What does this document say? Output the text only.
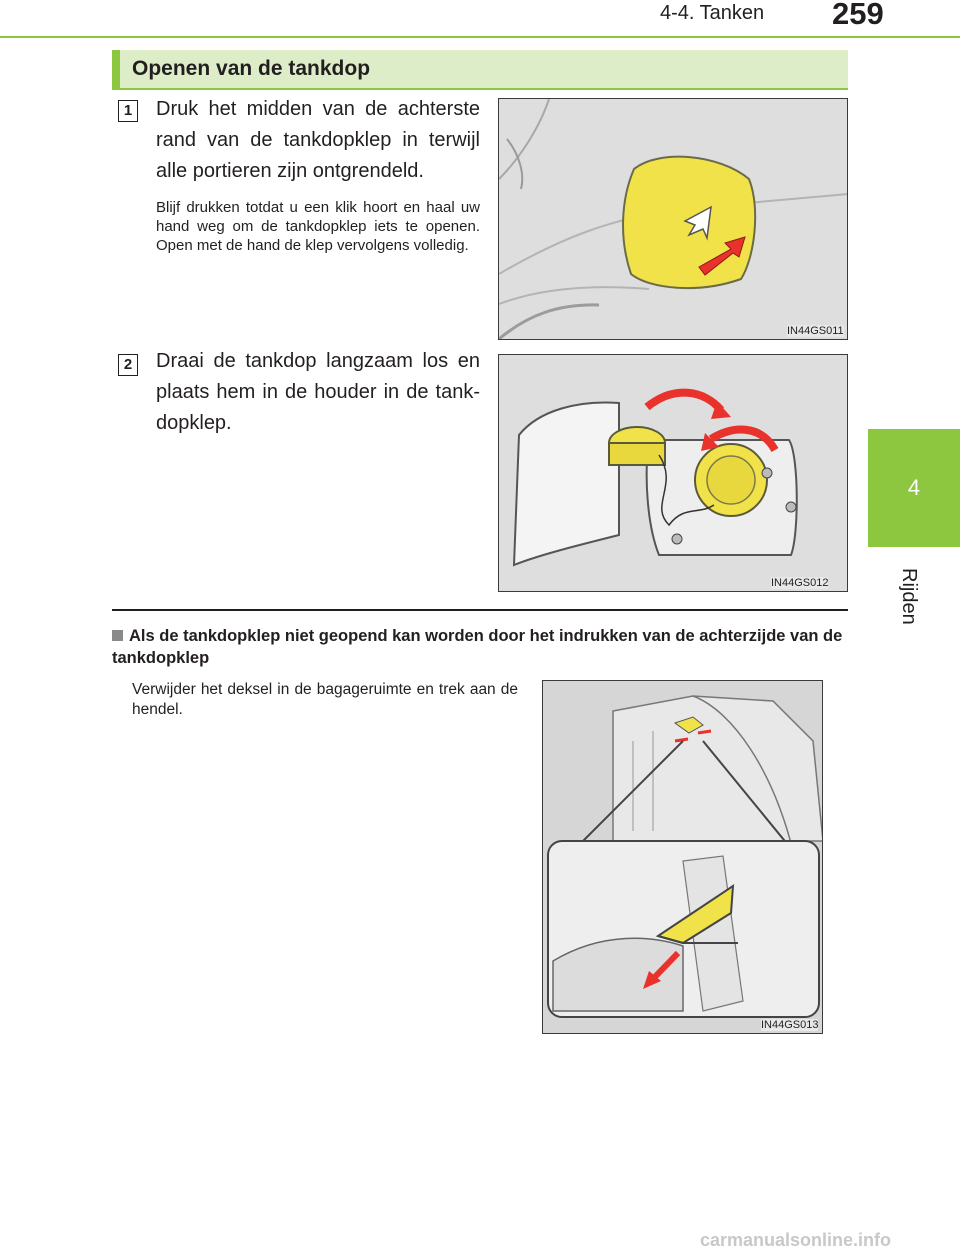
4-4. Tanken 259
4
Rijden
Openen van de tankdop
1 Druk het midden van de achterste rand van de tankdopklep in terwijl alle portieren zijn ontgrendeld.
Blijf drukken totdat u een klik hoort en haal uw hand weg om de tankdopklep iets te openen. Open met de hand de klep vervolgens volledig.
IN44GS011
2 Draai de tankdop langzaam los en plaats hem in de houder in de tank-dopklep.
IN44GS012
Als de tankdopklep niet geopend kan worden door het indrukken van de achterzijde van de tankdopklep
Verwijder het deksel in de bagageruimte en trek aan de hendel.
IN44GS013
carmanualsonline.info
